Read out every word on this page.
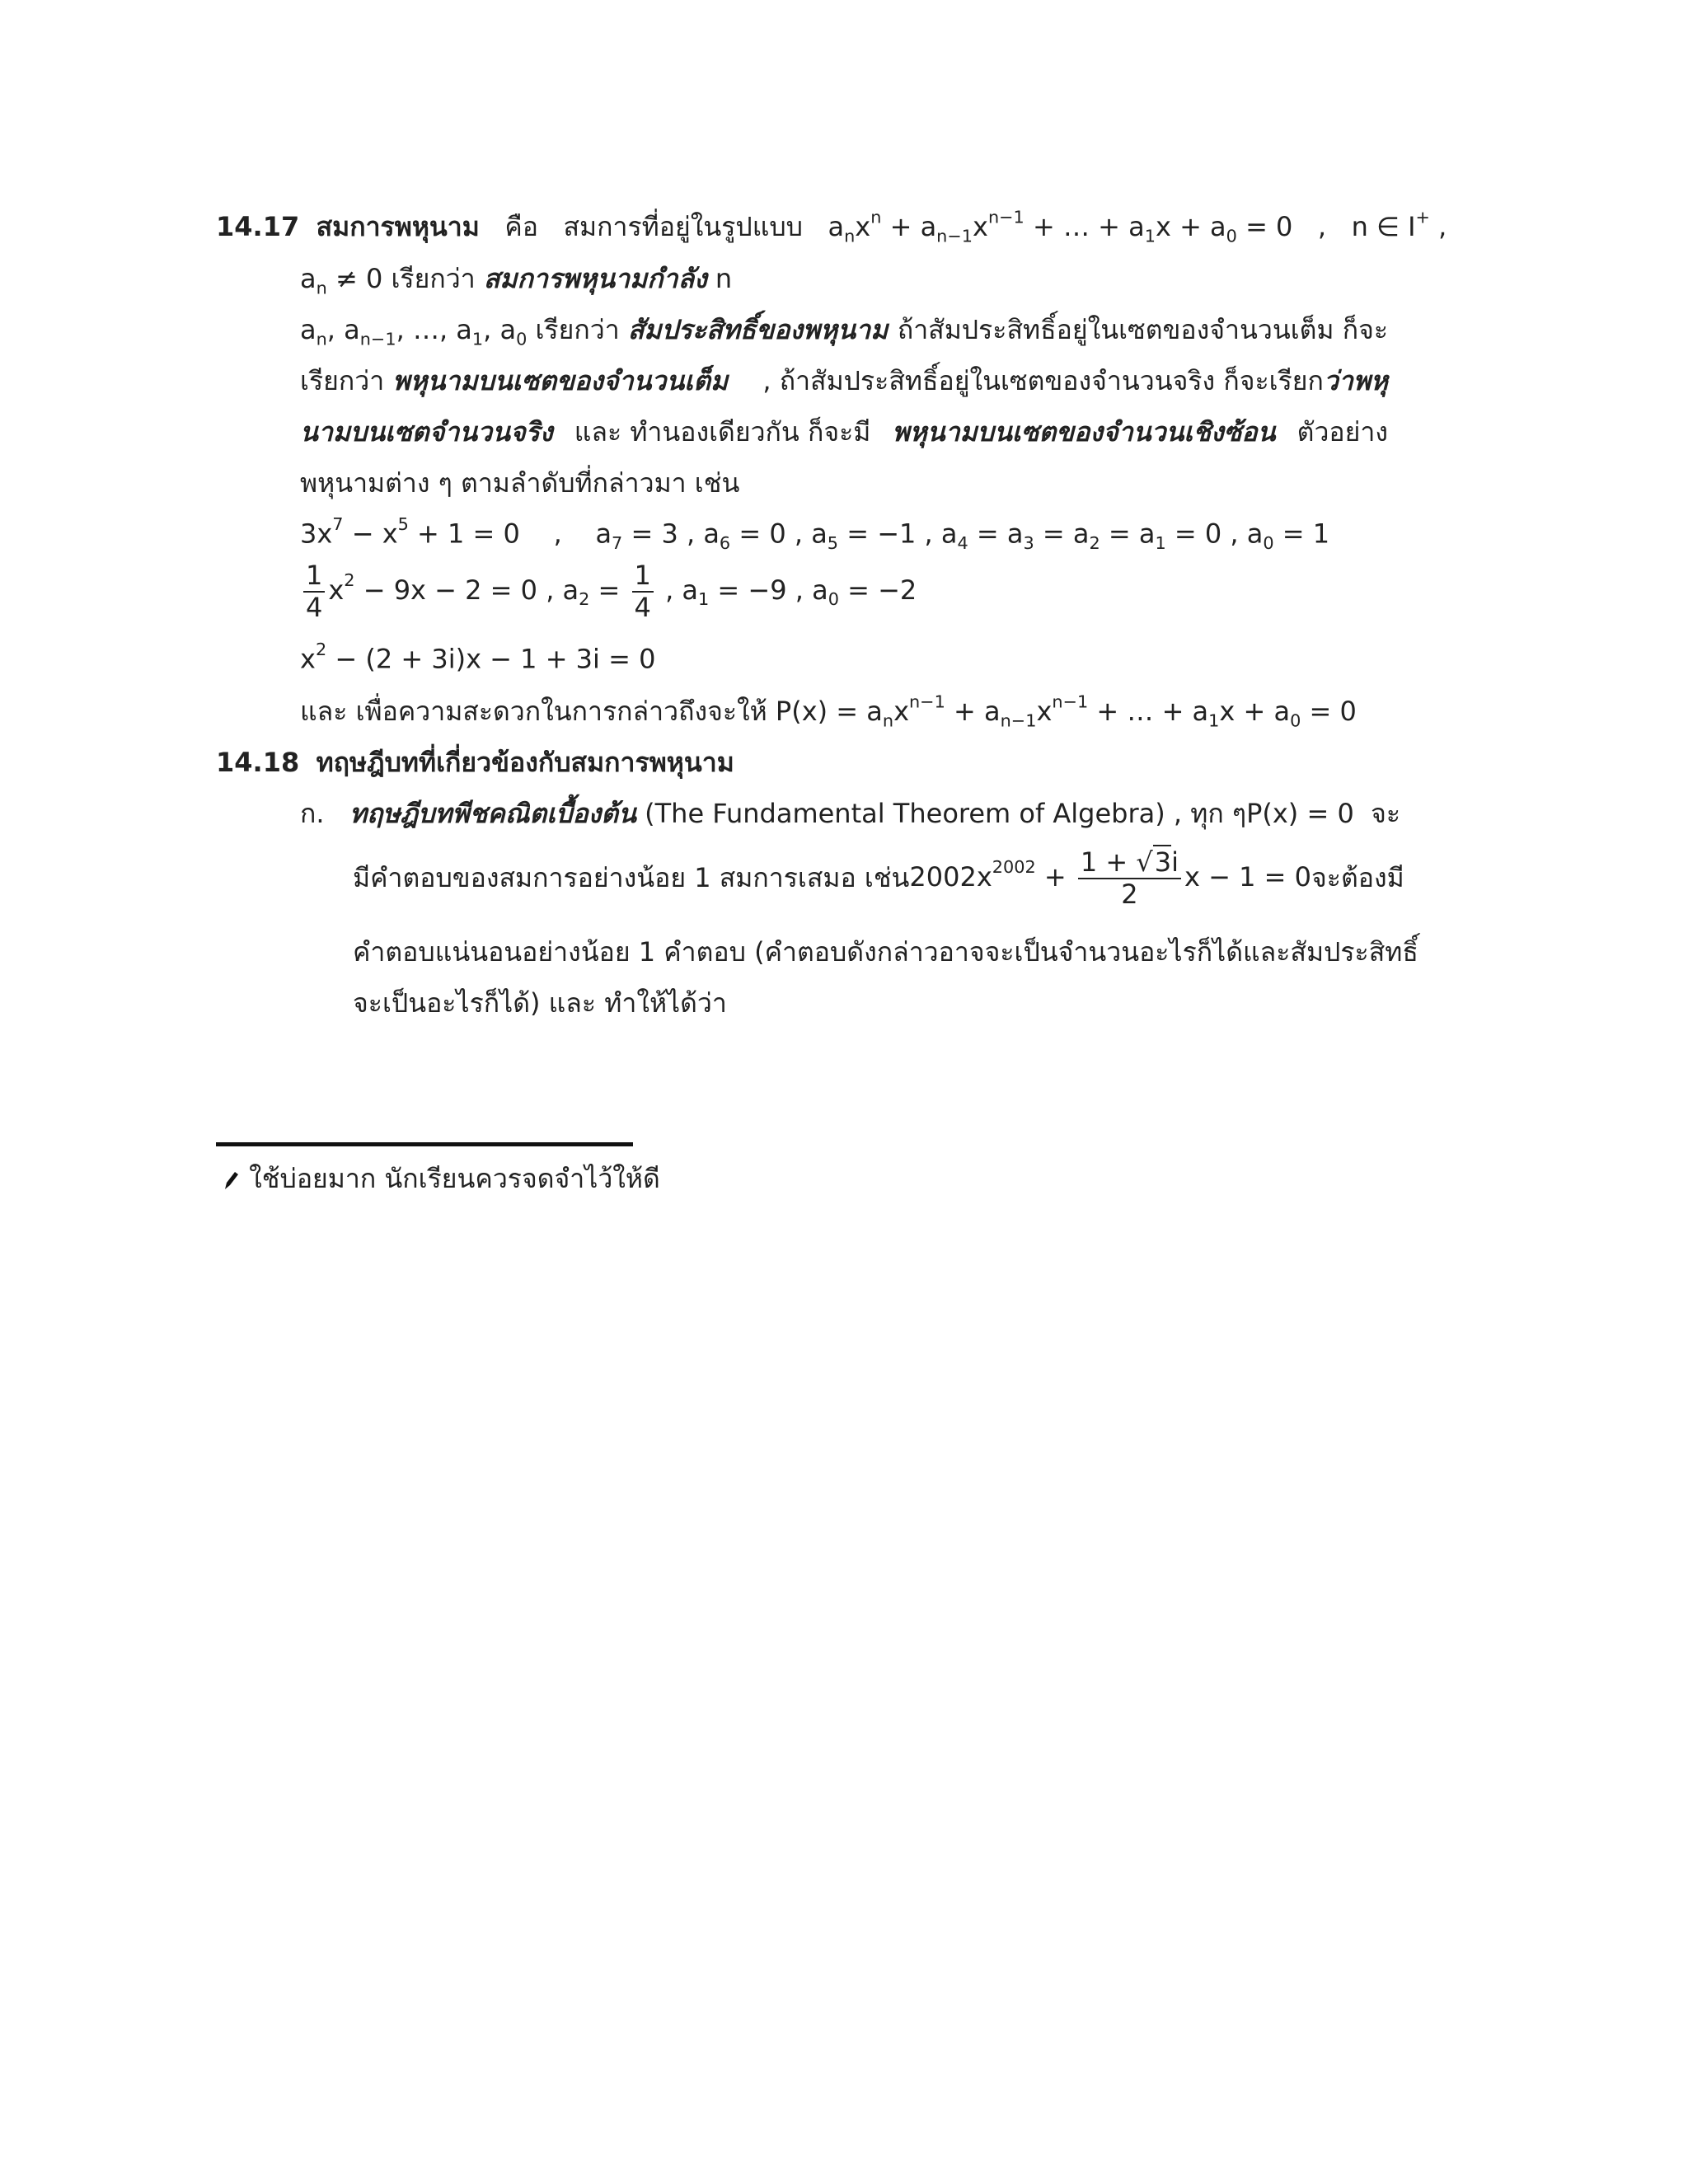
14.17 สมการพหุนาม คือ สมการที่อยู่ในรูปแบบ $a_nx^n + a_{n-1}x^{n-1}$ + … + $a_1x + a_0 = 0$   ,   n ∈ I+ ,
$a_n \ne 0$ เรียกว่า สมการพหุนามกำลัง n
$a_n$, $a_{n-1}$, …, $a_1$, $a_0$ เรียกว่า สัมประสิทธิ์ของพหุนาม ถ้าสัมประสิทธิ์อยู่ในเซตของจำนวนเต็ม ก็จะ
เรียกว่า พหุนามบนเซตของจำนวนเต็ม , ถ้าสัมประสิทธิ์อยู่ในเซตของจำนวนจริง ก็จะเรียกว่าพหุ
นามบนเซตจำนวนจริง และ ทำนองเดียวกัน ก็จะมี พหุนามบนเซตของจำนวนเชิงซ้อน ตัวอย่าง
พหุนามต่าง ๆ ตามลำดับที่กล่าวมา เช่น
$3x^7 - x^5 + 1 = 0$    ,    $a_7 = 3$ , $a_6 = 0$ , $a_5 = -1$ , $a_4 = a_3 = a_2 = a_1 = 0$ , $a_0 = 1$
$\frac{1}{4} x^2 - 9x - 2 = 0$ , $a_2 = \frac{1}{4}$ , $a_1 = -9$ , $a_0 = -2$
$x^2 - (2 + 3i)x - 1 + 3i = 0$
และ เพื่อความสะดวกในการกล่าวถึงจะให้ $P(x) = a_nx^{n-1} + a_{n-1}x^{n-1}$ + … + $a_1x + a_0 = 0$
14.18 ทฤษฎีบทที่เกี่ยวข้องกับสมการพหุนาม
ก. ทฤษฎีบทพีชคณิตเบื้องต้น (The Fundamental Theorem of Algebra) , ทุก ๆ P(x) = 0 จะ
มีคำตอบของสมการอย่างน้อย 1 สมการเสมอ เช่น $2002x^{2002} + \frac{1 + √3i}{2}$ x − 1 = 0 จะต้องมี
คำตอบแน่นอนอย่างน้อย 1 คำตอบ (คำตอบดังกล่าวอาจจะเป็นจำนวนอะไรก็ได้และสัมประสิทธิ์
จะเป็นอะไรก็ได้) และ ทำให้ได้ว่า
ใช้บ่อยมาก นักเรียนควรจดจำไว้ให้ดี
